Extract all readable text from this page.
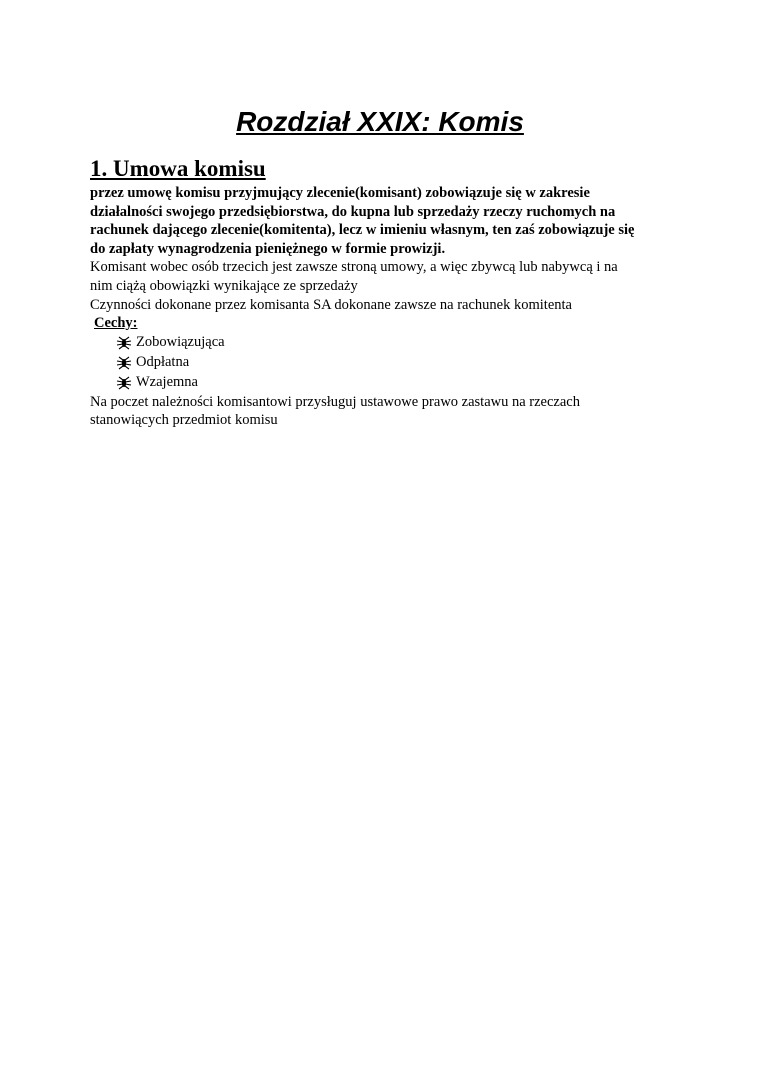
Rozdział XXIX: Komis
1. Umowa komisu

przez umowę komisu przyjmujący zlecenie(komisant) zobowiązuje się w zakresie
działalności swojego przedsiębiorstwa, do kupna lub sprzedaży rzeczy ruchomych na
rachunek dającego zlecenie(komitenta), lecz w imieniu własnym, ten zaś zobowiązuje się
do zapłaty wynagrodzenia pieniężnego w formie prowizji.

Komisant wobec osób trzecich jest zawsze stroną umowy, a więc zbywcą lub nabywcą i na
nim ciążą obowiązki wynikające ze sprzedaży

Czynności dokonane przez komisanta SA dokonane zawsze na rachunek komitenta

Cechy:

Zobowiązująca
Odpłatna
Wzajemna

Na poczet należności komisantowi przysługuj ustawowe prawo zastawu na rzeczach
stanowiących przedmiot komisu
